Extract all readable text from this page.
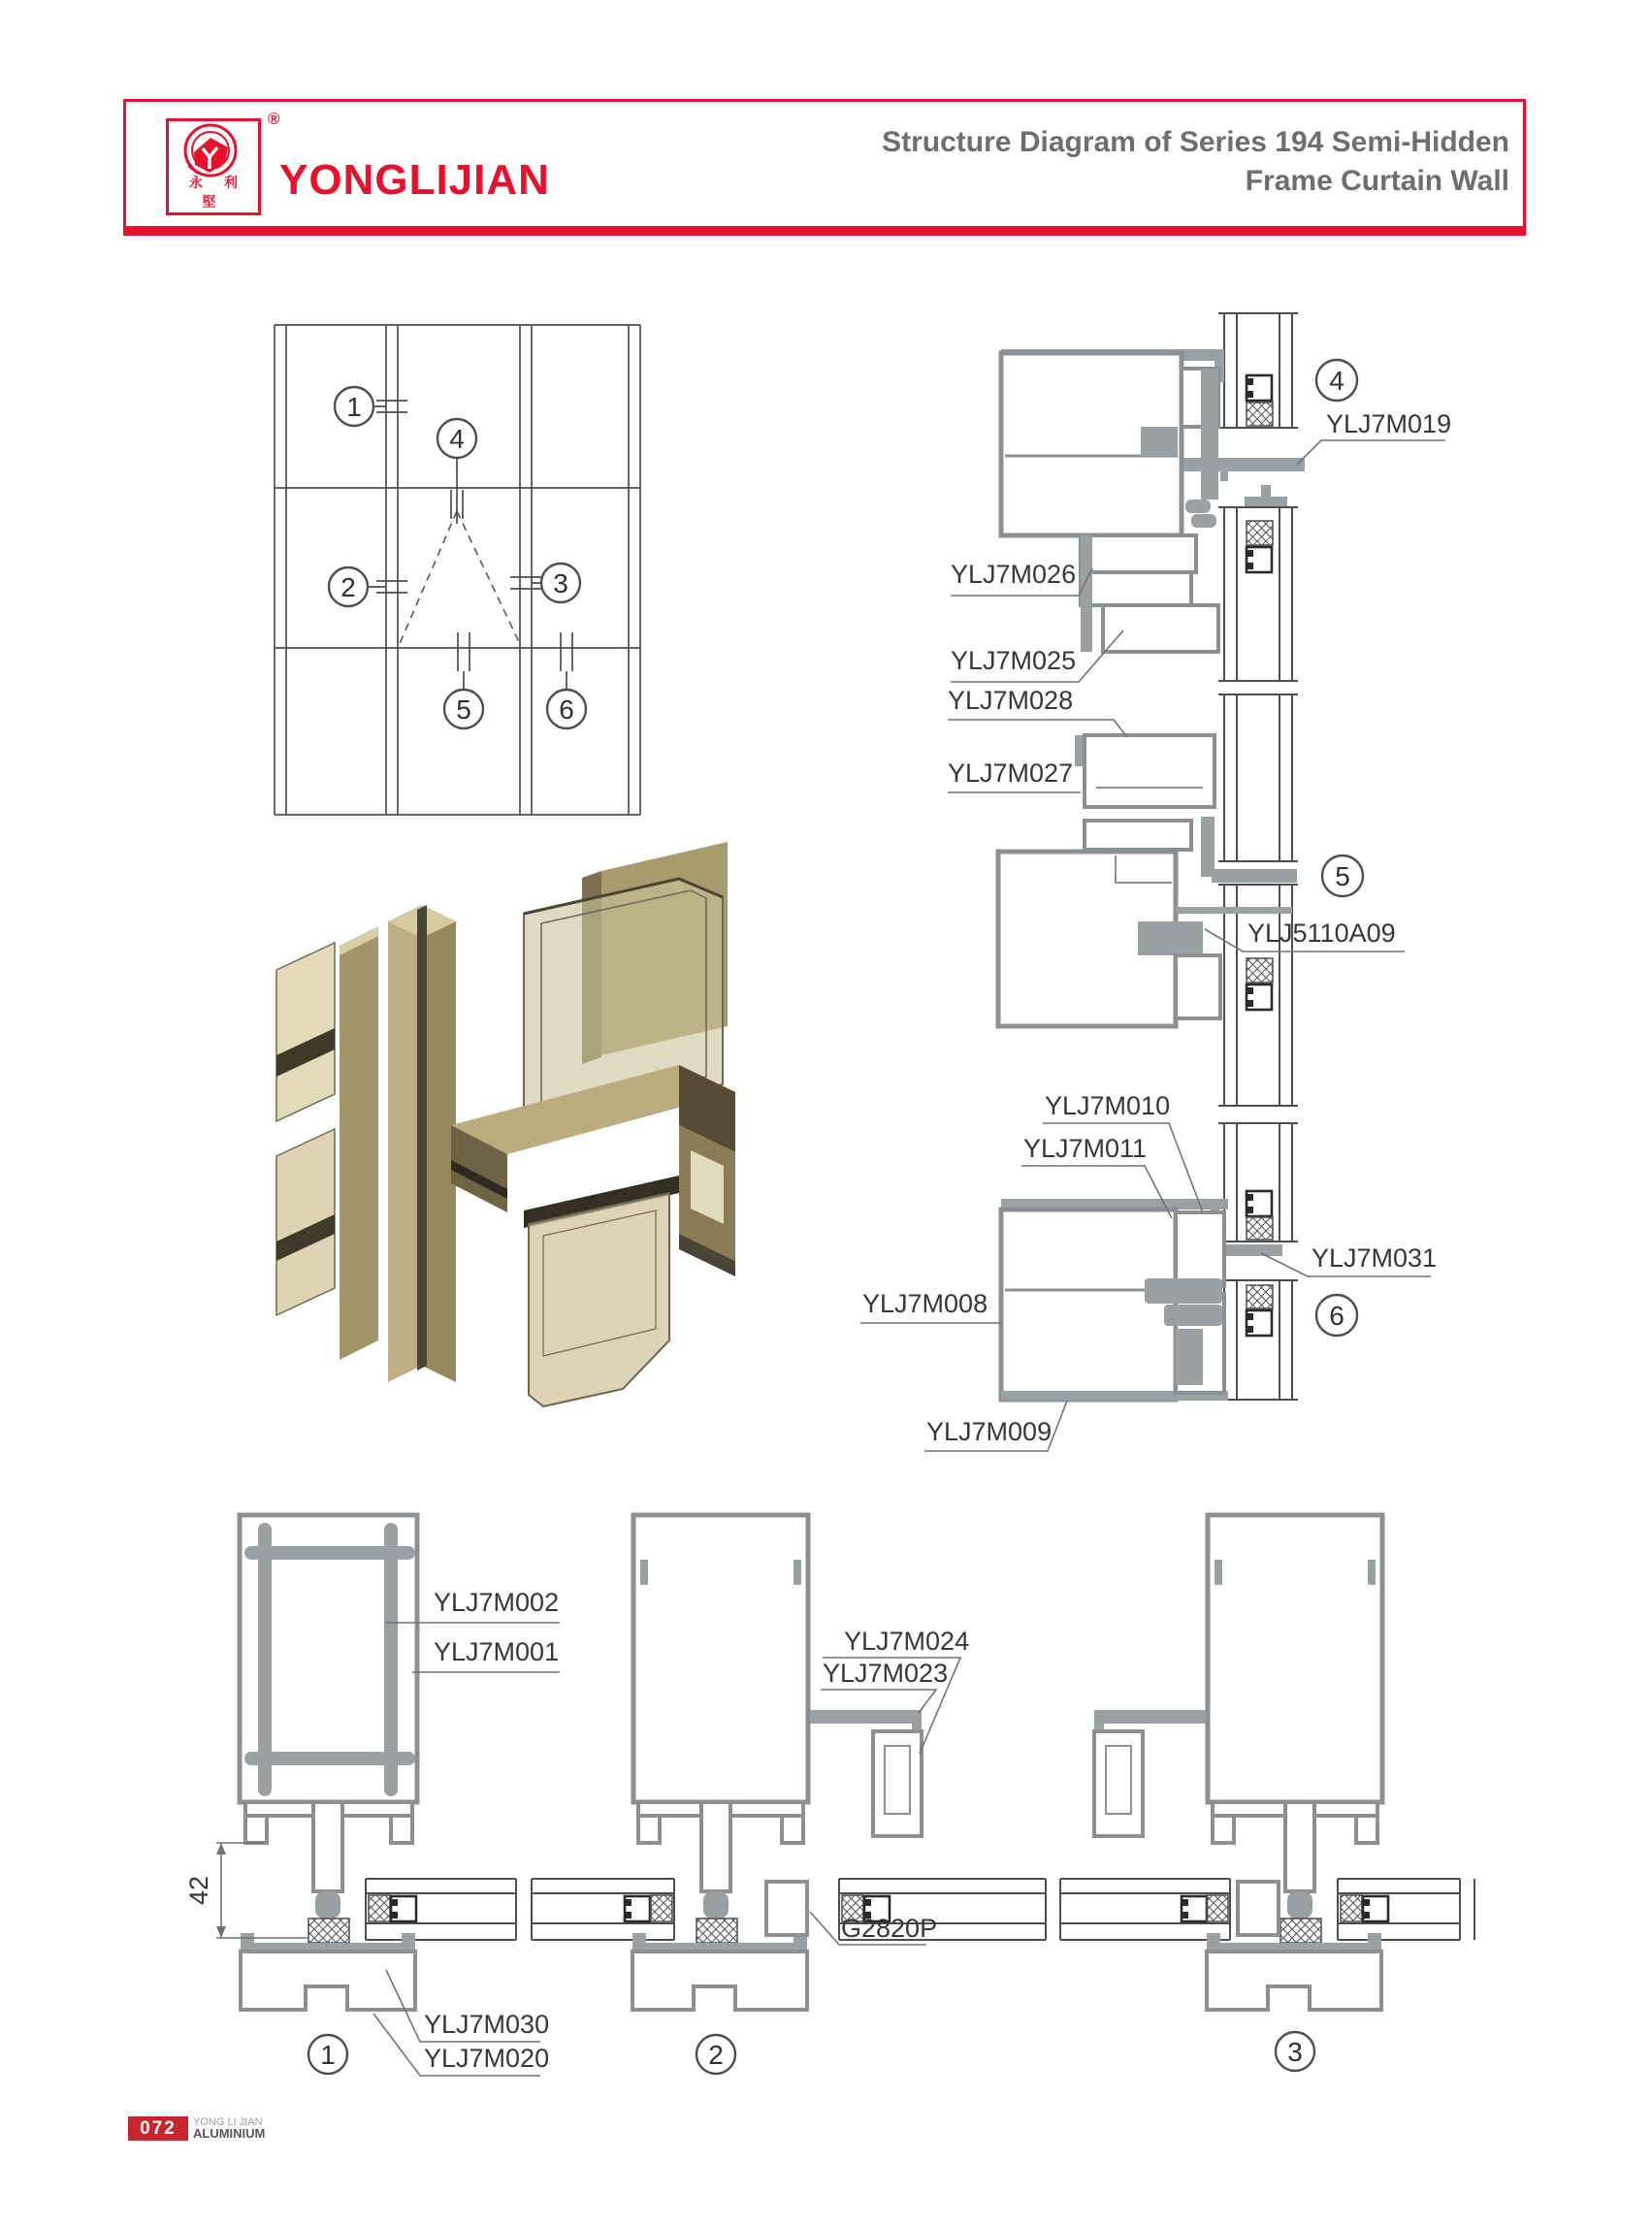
永 利 堅
®
YONGLIJIAN
Structure Diagram of Series 194 Semi-Hidden
Frame Curtain Wall
1
2	3
4
5	6
4
YLJ7M019
YLJ7M026
YLJ7M025
5
YLJ7M028
YLJ7M027
YLJ5110A09
6
YLJ7M010
YLJ7M011
YLJ7M008
YLJ7M031
YLJ7M009
42
YLJ7M002
YLJ7M001
YLJ7M030
YLJ7M020
1
YLJ7M024
YLJ7M023
G2820P
2	3
072	YONG LI JIAN
ALUMINIUM
